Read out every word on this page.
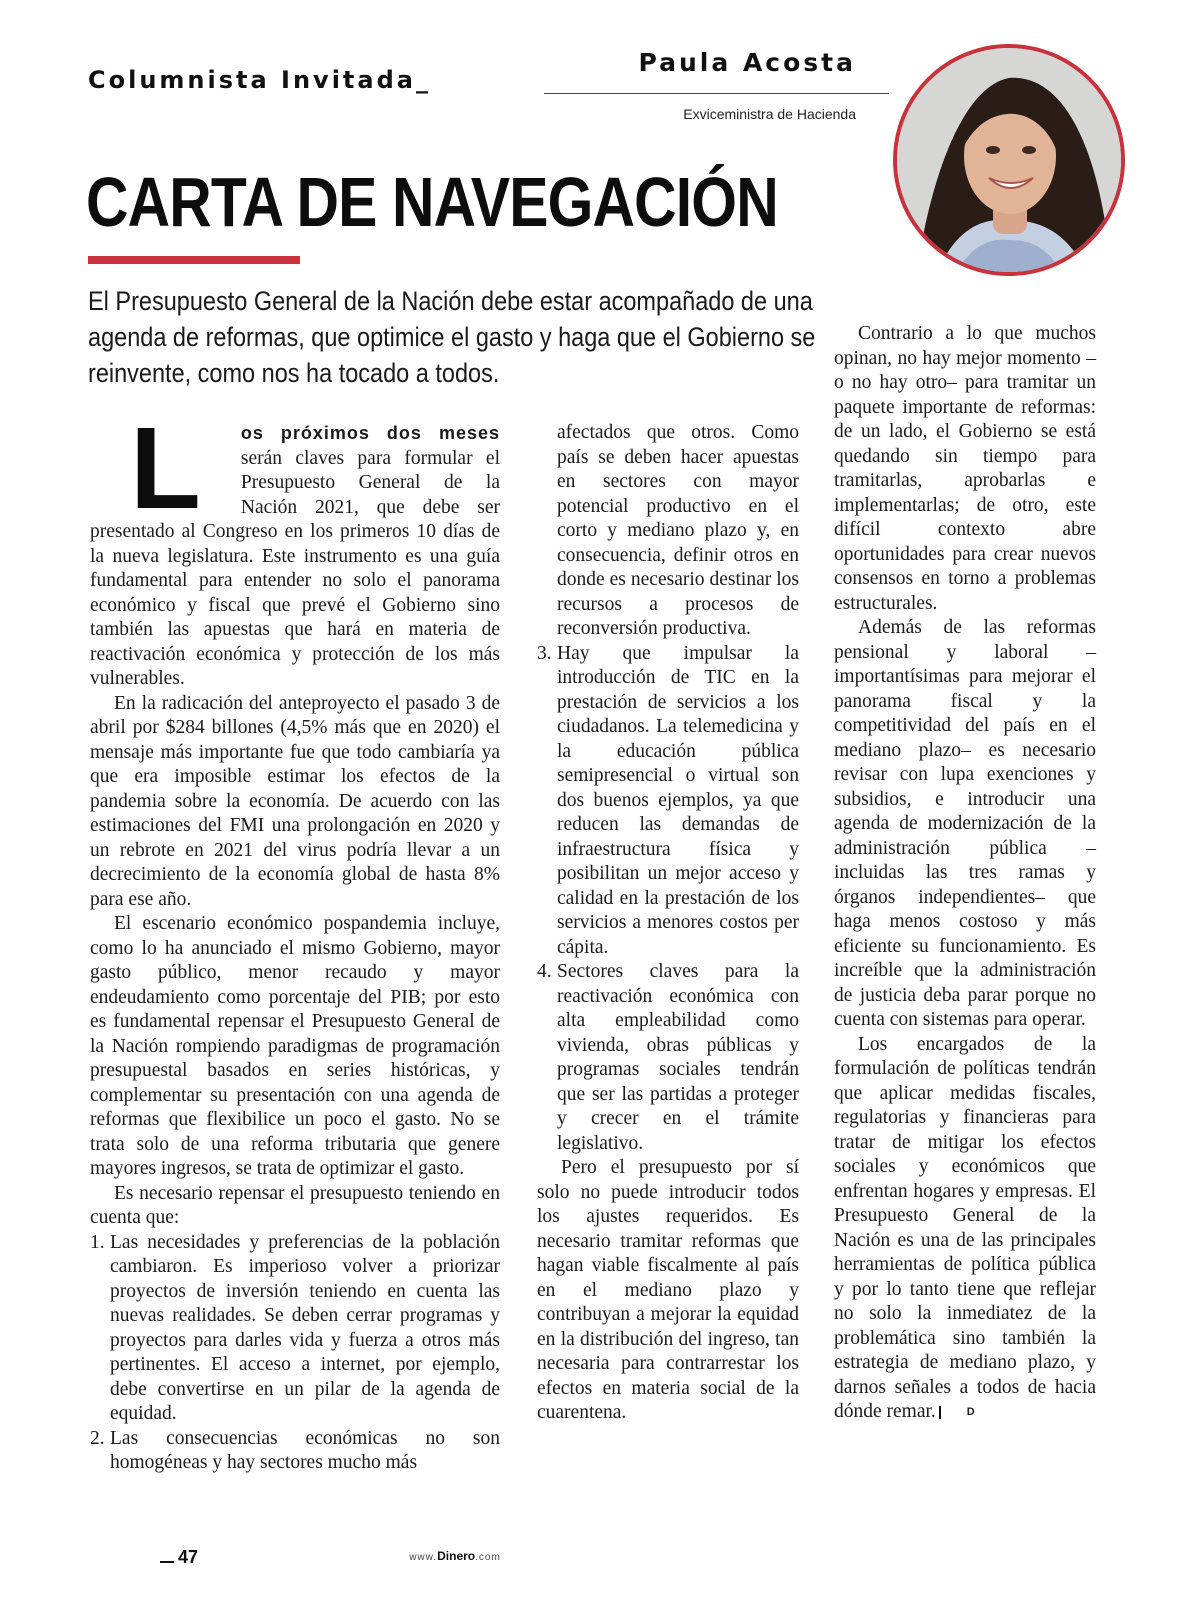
Columnista Invitada_
Paula Acosta
Exviceministra de Hacienda
CARTA DE NAVEGACIÓN

El Presupuesto General de la Nación debe estar acompañado de una agenda de reformas, que optimice el gasto y haga que el Gobierno se reinvente, como nos ha tocado a todos.

L os próximos dos meses serán claves para formular el Presupuesto General de la Nación 2021, que debe ser presentado al Congreso en los primeros 10 días de la nueva legislatura. Este instrumento es una guía fundamental para entender no solo el panorama económico y fiscal que prevé el Gobierno sino también las apuestas que hará en materia de reactivación económica y protección de los más vulnerables.

En la radicación del anteproyecto el pasado 3 de abril por $284 billones (4,5% más que en 2020) el mensaje más importante fue que todo cambiaría ya que era imposible estimar los efectos de la pandemia sobre la economía. De acuerdo con las estimaciones del FMI una prolongación en 2020 y un rebrote en 2021 del virus podría llevar a un decrecimiento de la economía global de hasta 8% para ese año.

El escenario económico pospandemia incluye, como lo ha anunciado el mismo Gobierno, mayor gasto público, menor recaudo y mayor endeudamiento como porcentaje del PIB; por esto es fundamental repensar el Presupuesto General de la Nación rompiendo paradigmas de programación presupuestal basados en series históricas, y complementar su presentación con una agenda de reformas que flexibilice un poco el gasto. No se trata solo de una reforma tributaria que genere mayores ingresos, se trata de optimizar el gasto.

Es necesario repensar el presupuesto teniendo en cuenta que:

1. Las necesidades y preferencias de la población cambiaron. Es imperioso volver a priorizar proyectos de inversión teniendo en cuenta las nuevas realidades. Se deben cerrar programas y proyectos para darles vida y fuerza a otros más pertinentes. El acceso a internet, por ejemplo, debe convertirse en un pilar de la agenda de equidad.
2. Las consecuencias económicas no son homogéneas y hay sectores mucho más
afectados que otros. Como país se deben hacer apuestas en sectores con mayor potencial productivo en el corto y mediano plazo y, en consecuencia, definir otros en donde es necesario destinar los recursos a procesos de reconversión productiva.
3. Hay que impulsar la introducción de TIC en la prestación de servicios a los ciudadanos. La telemedicina y la educación pública semipresencial o virtual son dos buenos ejemplos, ya que reducen las demandas de infraestructura física y posibilitan un mejor acceso y calidad en la prestación de los servicios a menores costos per cápita.
4. Sectores claves para la reactivación económica con alta empleabilidad como vivienda, obras públicas y programas sociales tendrán que ser las partidas a proteger y crecer en el trámite legislativo.

Pero el presupuesto por sí solo no puede introducir todos los ajustes requeridos. Es necesario tramitar reformas que hagan viable fiscalmente al país en el mediano plazo y contribuyan a mejorar la equidad en la distribución del ingreso, tan necesaria para contrarrestar los efectos en materia social de la cuarentena.

Contrario a lo que muchos opinan, no hay mejor momento –o no hay otro– para tramitar un paquete importante de reformas: de un lado, el Gobierno se está quedando sin tiempo para tramitarlas, aprobarlas e implementarlas; de otro, este difícil contexto abre oportunidades para crear nuevos consensos en torno a problemas estructurales.

Además de las reformas pensional y laboral –importantísimas para mejorar el panorama fiscal y la competitividad del país en el mediano plazo– es necesario revisar con lupa exenciones y subsidios, e introducir una agenda de modernización de la administración pública –incluidas las tres ramas y órganos independientes– que haga menos costoso y más eficiente su funcionamiento. Es increíble que la administración de justicia deba parar porque no cuenta con sistemas para operar.

Los encargados de la formulación de políticas tendrán que aplicar medidas fiscales, regulatorias y financieras para tratar de mitigar los efectos sociales y económicos que enfrentan hogares y empresas. El Presupuesto General de la Nación es una de las principales herramientas de política pública y por lo tanto tiene que reflejar no solo la inmediatez de la problemática sino también la estrategia de mediano plazo, y darnos señales a todos de hacia dónde remar.	D

47	www.Dinero.com
